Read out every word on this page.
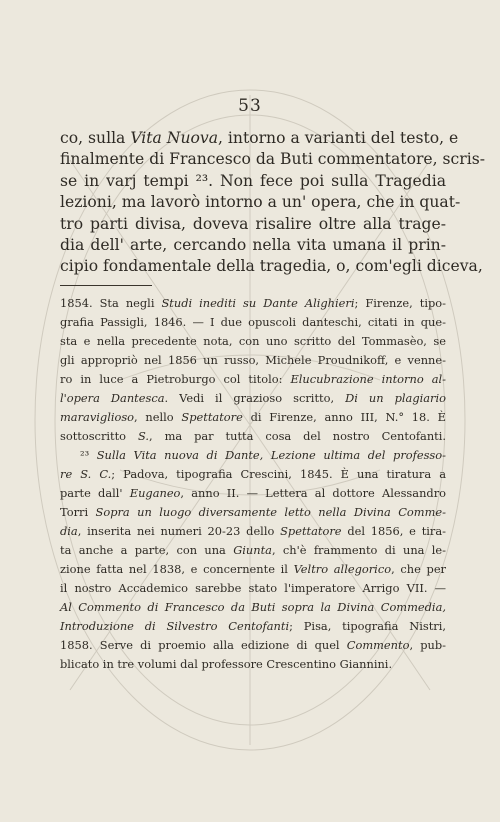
53
co, sulla Vita Nuova, intorno a varianti del testo, e
finalmente di Francesco da Buti commentatore, scris-
se in varj tempi ²³. Non fece poi sulla Tragedia
lezioni, ma lavorò intorno a un' opera, che in quat-
tro parti divisa, doveva risalire oltre alla trage-
dia dell' arte, cercando nella vita umana il prin-
cipio fondamentale della tragedia, o, com'egli diceva,
1854. Sta negli Studi inediti su Dante Alighieri; Firenze, tipo-
grafia Passigli, 1846. — I due opuscoli danteschi, citati in que-
sta e nella precedente nota, con uno scritto del Tommasèo, se
gli appropriò nel 1856 un russo, Michele Proudnikoff, e venne-
ro in luce a Pietroburgo col titolo: Elucubrazione intorno al-
l'opera Dantesca. Vedi il grazioso scritto, Di un plagiario
maraviglioso, nello Spettatore di Firenze, anno III, N.° 18. È
sottoscritto S., ma par tutta cosa del nostro Centofanti.
²³ Sulla Vita nuova di Dante, Lezione ultima del professo-
re S. C.; Padova, tipografia Crescini, 1845. È una tiratura a
parte dall' Euganeo, anno II. — Lettera al dottore Alessandro
Torri Sopra un luogo diversamente letto nella Divina Comme-
dia, inserita nei numeri 20-23 dello Spettatore del 1856, e tira-
ta anche a parte, con una Giunta, ch'è frammento di una le-
zione fatta nel 1838, e concernente il Veltro allegorico, che per
il nostro Accademico sarebbe stato l'imperatore Arrigo VII. —
Al Commento di Francesco da Buti sopra la Divina Commedia,
Introduzione di Silvestro Centofanti; Pisa, tipografia Nistri,
1858. Serve di proemio alla edizione di quel Commento, pub-
blicato in tre volumi dal professore Crescentino Giannini.
